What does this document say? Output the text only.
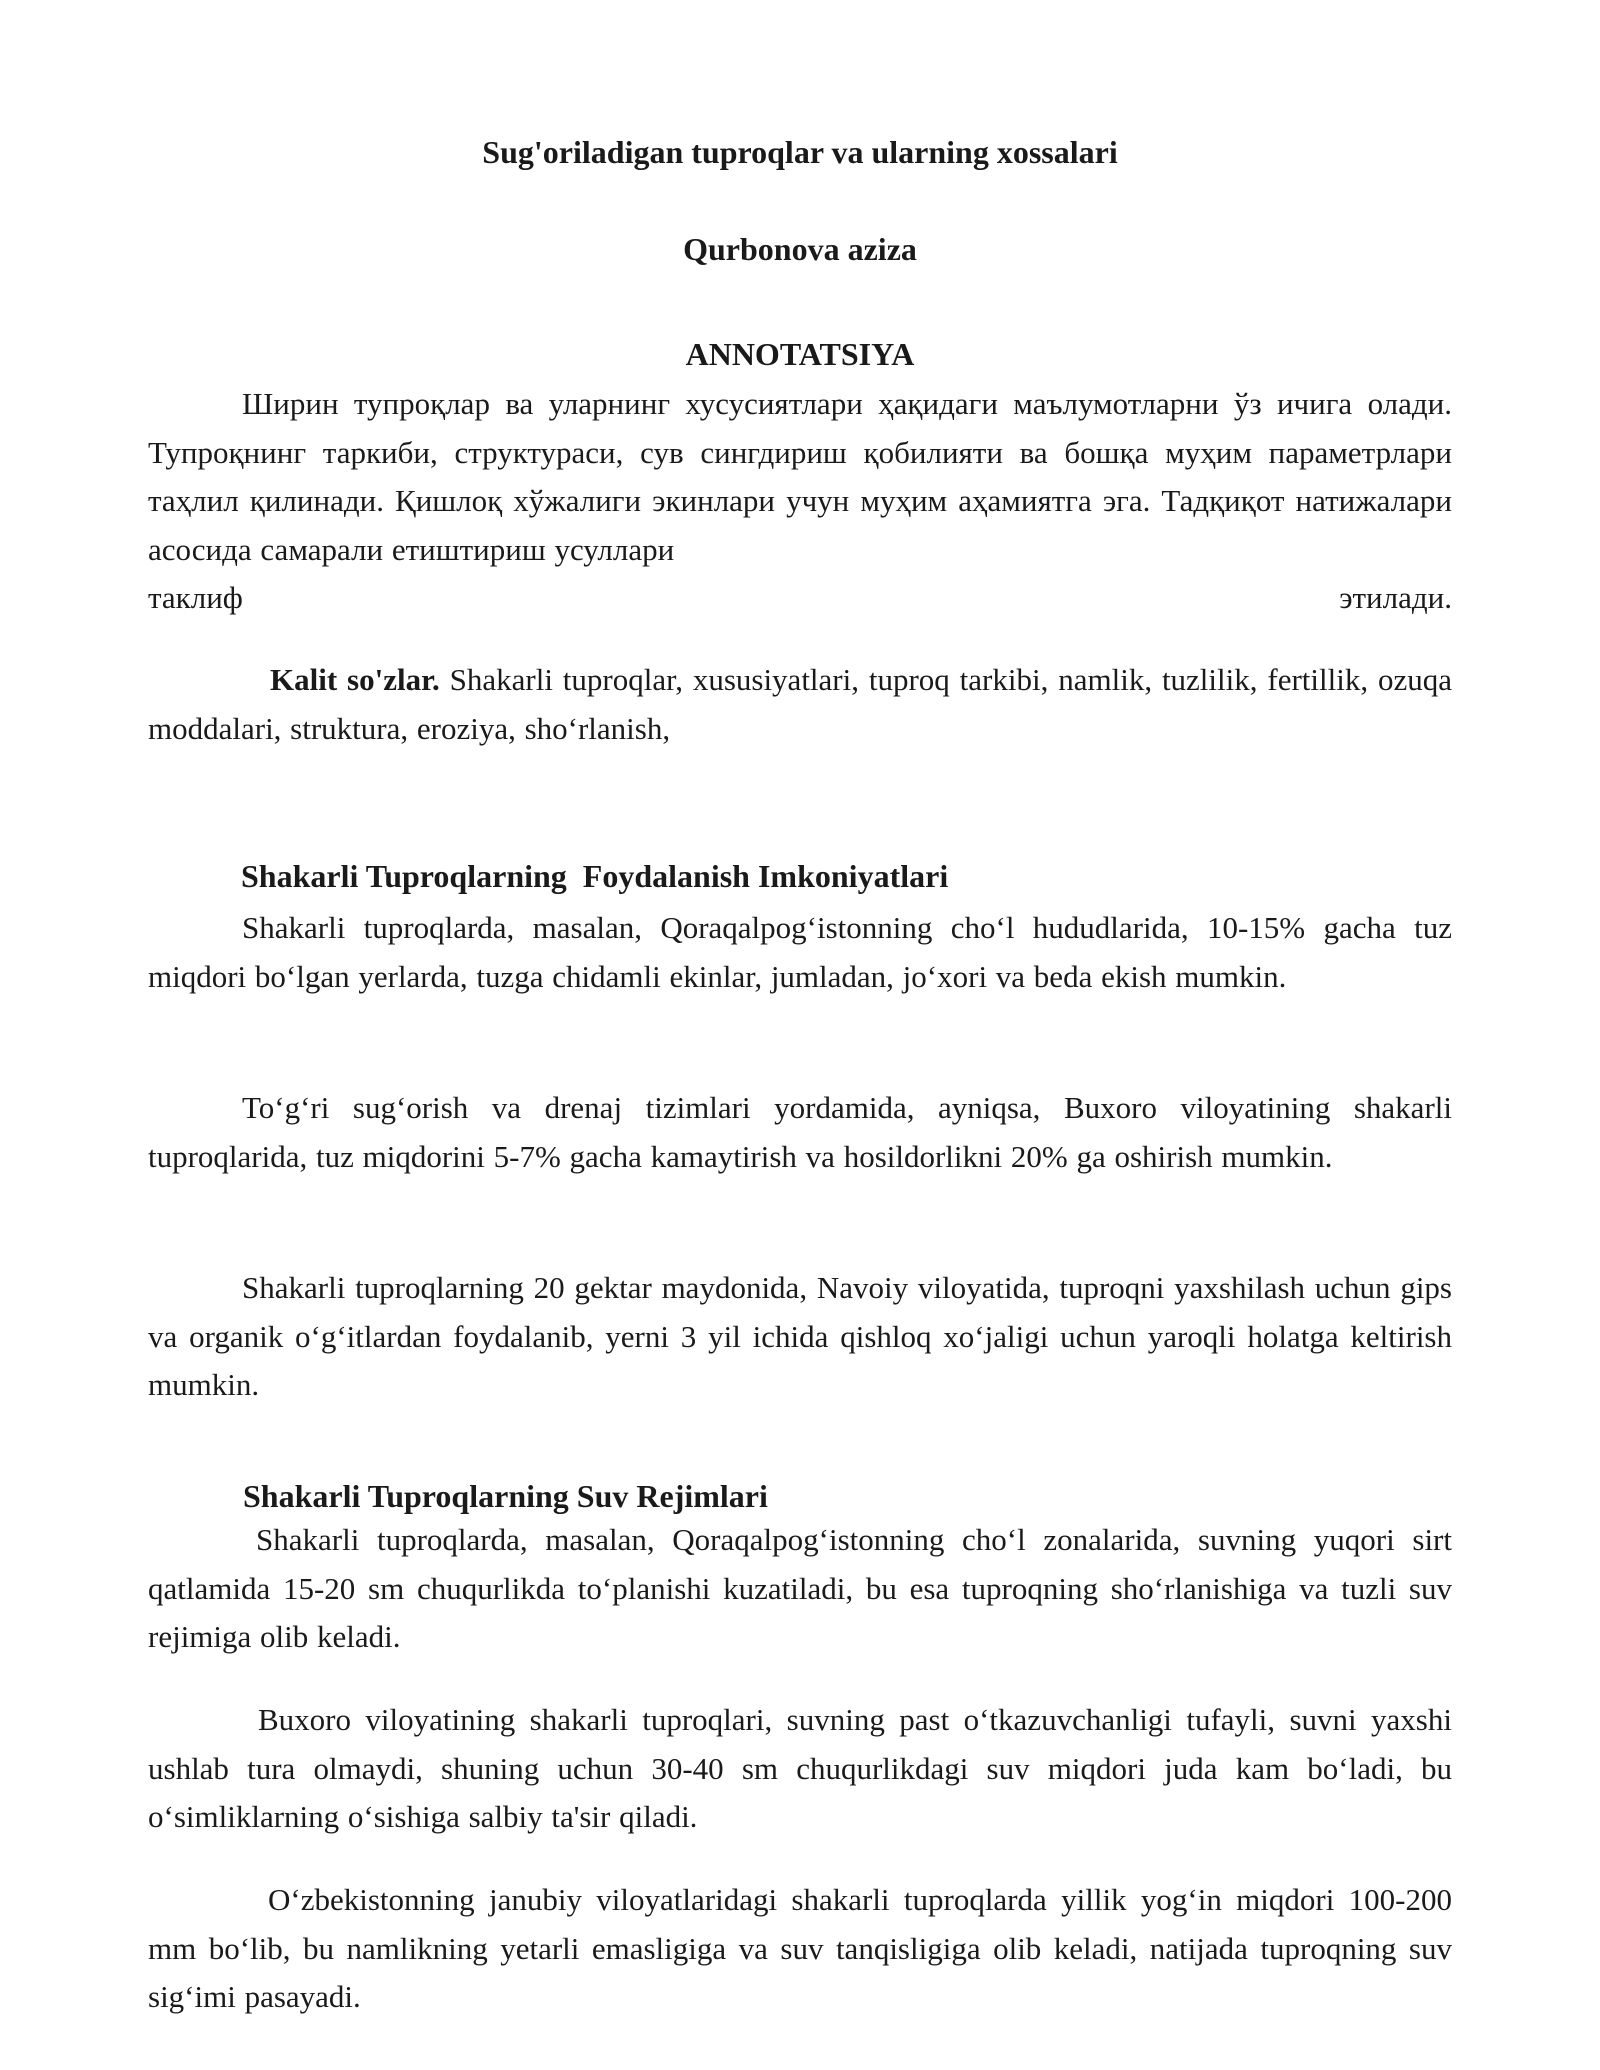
Sug'oriladigan tuproqlar va ularning xossalari
Qurbonova aziza
ANNOTATSIYA
Ширин тупроқлар ва уларнинг хусусиятлари ҳақидаги маълумотларни ўз ичига олади. Тупроқнинг таркиби, структураси, сув сингдириш қобилияти ва бошқа муҳим параметрлари таҳлил қилинади. Қишлоқ хўжалиги экинлари учун муҳим аҳамиятга эга. Тадқиқот натижалари асосида самарали етиштириш усуллари
таклиф	этилади.

Kalit so'zlar. Shakarli tuproqlar, xususiyatlari, tuproq tarkibi, namlik, tuzlilik, fertillik, ozuqa moddalari, struktura, eroziya, sho‘rlanish,

Shakarli Tuproqlarning  Foydalanish Imkoniyatlari

Shakarli tuproqlarda, masalan, Qoraqalpog‘istonning cho‘l hududlarida, 10-15% gacha tuz miqdori bo‘lgan yerlarda, tuzga chidamli ekinlar, jumladan, jo‘xori va beda ekish mumkin.

To‘g‘ri sug‘orish va drenaj tizimlari yordamida, ayniqsa, Buxoro viloyatining shakarli tuproqlarida, tuz miqdorini 5-7% gacha kamaytirish va hosildorlikni 20% ga oshirish mumkin.

Shakarli tuproqlarning 20 gektar maydonida, Navoiy viloyatida, tuproqni yaxshilash uchun gips va organik o‘g‘itlardan foydalanib, yerni 3 yil ichida qishloq xo‘jaligi uchun yaroqli holatga keltirish mumkin.

Shakarli Tuproqlarning Suv Rejimlari

Shakarli tuproqlarda, masalan, Qoraqalpog‘istonning cho‘l zonalarida, suvning yuqori sirt qatlamida 15-20 sm chuqurlikda to‘planishi kuzatiladi, bu esa tuproqning sho‘rlanishiga va tuzli suv rejimiga olib keladi.

Buxoro viloyatining shakarli tuproqlari, suvning past o‘tkazuvchanligi tufayli, suvni yaxshi ushlab tura olmaydi, shuning uchun 30-40 sm chuqurlikdagi suv miqdori juda kam bo‘ladi, bu o‘simliklarning o‘sishiga salbiy ta'sir qiladi.

O‘zbekistonning janubiy viloyatlaridagi shakarli tuproqlarda yillik yog‘in miqdori 100-200 mm bo‘lib, bu namlikning yetarli emasligiga va suv tanqisligiga olib keladi, natijada tuproqning suv sig‘imi pasayadi.
